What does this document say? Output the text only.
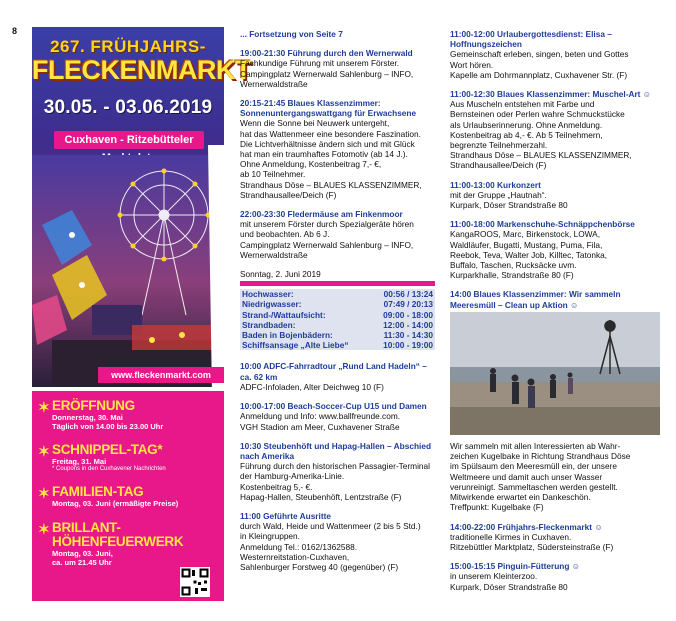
8
267. FRÜHJAHRS-
FLECKENMARKT
30.05. - 03.06.2019
Cuxhaven - Ritzebütteler
www.fleckenmarkt.com
✶ ERÖFFNUNG
Donnerstag, 30. Mai
Täglich von 14.00 bis 23.00 Uhr
✶ SCHNIPPEL-TAG*
Freitag, 31. Mai
* Coupons in den Cuxhavener Nachrichten
✶ FAMILIEN-TAG
Montag, 03. Juni (ermäßigte Preise)
✶ BRILLANT-HÖHENFEUERWERK
Montag, 03. Juni,
ca. um 21.45 Uhr
... Fortsetzung von Seite 7
19:00-21:30 Führung durch den Wernerwald
Fachkundige Führung mit unserem Förster.
Campingplatz Wernerwald Sahlenburg – INFO,
Wernerwaldstraße
20:15-21:45 Blaues Klassenzimmer: Sonnenuntergangswattgang für Erwachsene
Wenn die Sonne bei Neuwerk untergeht,
hat das Wattenmeer eine besondere Faszination.
Die Lichtverhältnisse ändern sich und mit Glück
hat man ein traumhaftes Fotomotiv (ab 14 J.).
Ohne Anmeldung, Kostenbeitrag 7,- €,
ab 10 Teilnehmer.
Strandhaus Döse – BLAUES KLASSENZIMMER,
Strandhausallee/Deich (F)
22:00-23:30 Fledermäuse am Finkenmoor
mit unserem Förster durch Spezialgeräte hören
und beobachten. Ab 6 J.
Campingplatz Wernerwald Sahlenburg – INFO,
Wernerwaldstraße
Sonntag, 2. Juni 2019
Hochwasser:	00:56 / 13:24
Niedrigwasser:	07:49 / 20:13
Strand-/Wattaufsicht:	09:00 - 18:00
Strandbaden:	12:00 - 14:00
Baden in Bojenbädern:	11:30 - 14:30
Schiffsansage „Alte Liebe“	10:00 - 19:00
10:00 ADFC-Fahrradtour „Rund Land Hadeln“ – ca. 62 km
ADFC-Infoladen, Alter Deichweg 10 (F)
10:00-17:00 Beach-Soccer-Cup U15 und Damen
Anmeldung und Info: www.ballfreunde.com.
VGH Stadion am Meer, Cuxhavener Straße
10:30 Steubenhöft und Hapag-Hallen – Abschied nach Amerika
Führung durch den historischen Passagier-Terminal
der Hamburg-Amerika-Linie.
Kostenbeitrag 5,- €.
Hapag-Hallen, Steubenhöft, Lentzstraße (F)
11:00 Geführte Ausritte
durch Wald, Heide und Wattenmeer (2 bis 5 Std.)
in Kleingruppen.
Anmeldung Tel.: 0162/1362588.
Westernreitstation-Cuxhaven,
Sahlenburger Forstweg 40 (gegenüber) (F)
11:00-12:00 Urlaubergottesdienst: Elisa – Hoffnungszeichen
Gemeinschaft erleben, singen, beten und Gottes
Wort hören.
Kapelle am Dohrmannplatz, Cuxhavener Str. (F)
11:00-12:30 Blaues Klassenzimmer: Muschel-Art ☺
Aus Muscheln entstehen mit Farbe und
Bernsteinen oder Perlen wahre Schmuckstücke
als Urlaubserinnerung. Ohne Anmeldung.
Kostenbeitrag ab 4,- €. Ab 5 Teilnehmern,
begrenzte Teilnehmerzahl.
Strandhaus Döse – BLAUES KLASSENZIMMER,
Strandhausallee/Deich (F)
11:00-13:00 Kurkonzert
mit der Gruppe „Hautnah“.
Kurpark, Döser Strandstraße 80
11:00-18:00 Markenschuhe-Schnäppchenbörse
KangaROOS, Marc, Birkenstock, LOWA,
Waldläufer, Bugatti, Mustang, Puma, Fila,
Reebok, Teva, Walter Job, Killtec, Tatonka,
Buffalo, Taschen, Rucksäcke uvm.
Kurparkhalle, Strandstraße 80 (F)
14:00 Blaues Klassenzimmer: Wir sammeln Meeresmüll – Clean up Aktion ☺
Wir sammeln mit allen Interessierten ab Wahr-
zeichen Kugelbake in Richtung Strandhaus Döse
im Spülsaum den Meeresmüll ein, der unsere
Weltmeere und damit auch unser Wasser
verunreinigt. Sammeltaschen werden gestellt.
Mitwirkende erwartet ein Dankeschön.
Treffpunkt: Kugelbake (F)
14:00-22:00 Frühjahrs-Fleckenmarkt ☺
traditionelle Kirmes in Cuxhaven.
Ritzebüttler Marktplatz, Südersteinstraße (F)
15:00-15:15 Pinguin-Fütterung ☺
in unserem Kleinterzoo.
Kurpark, Döser Strandstraße 80
